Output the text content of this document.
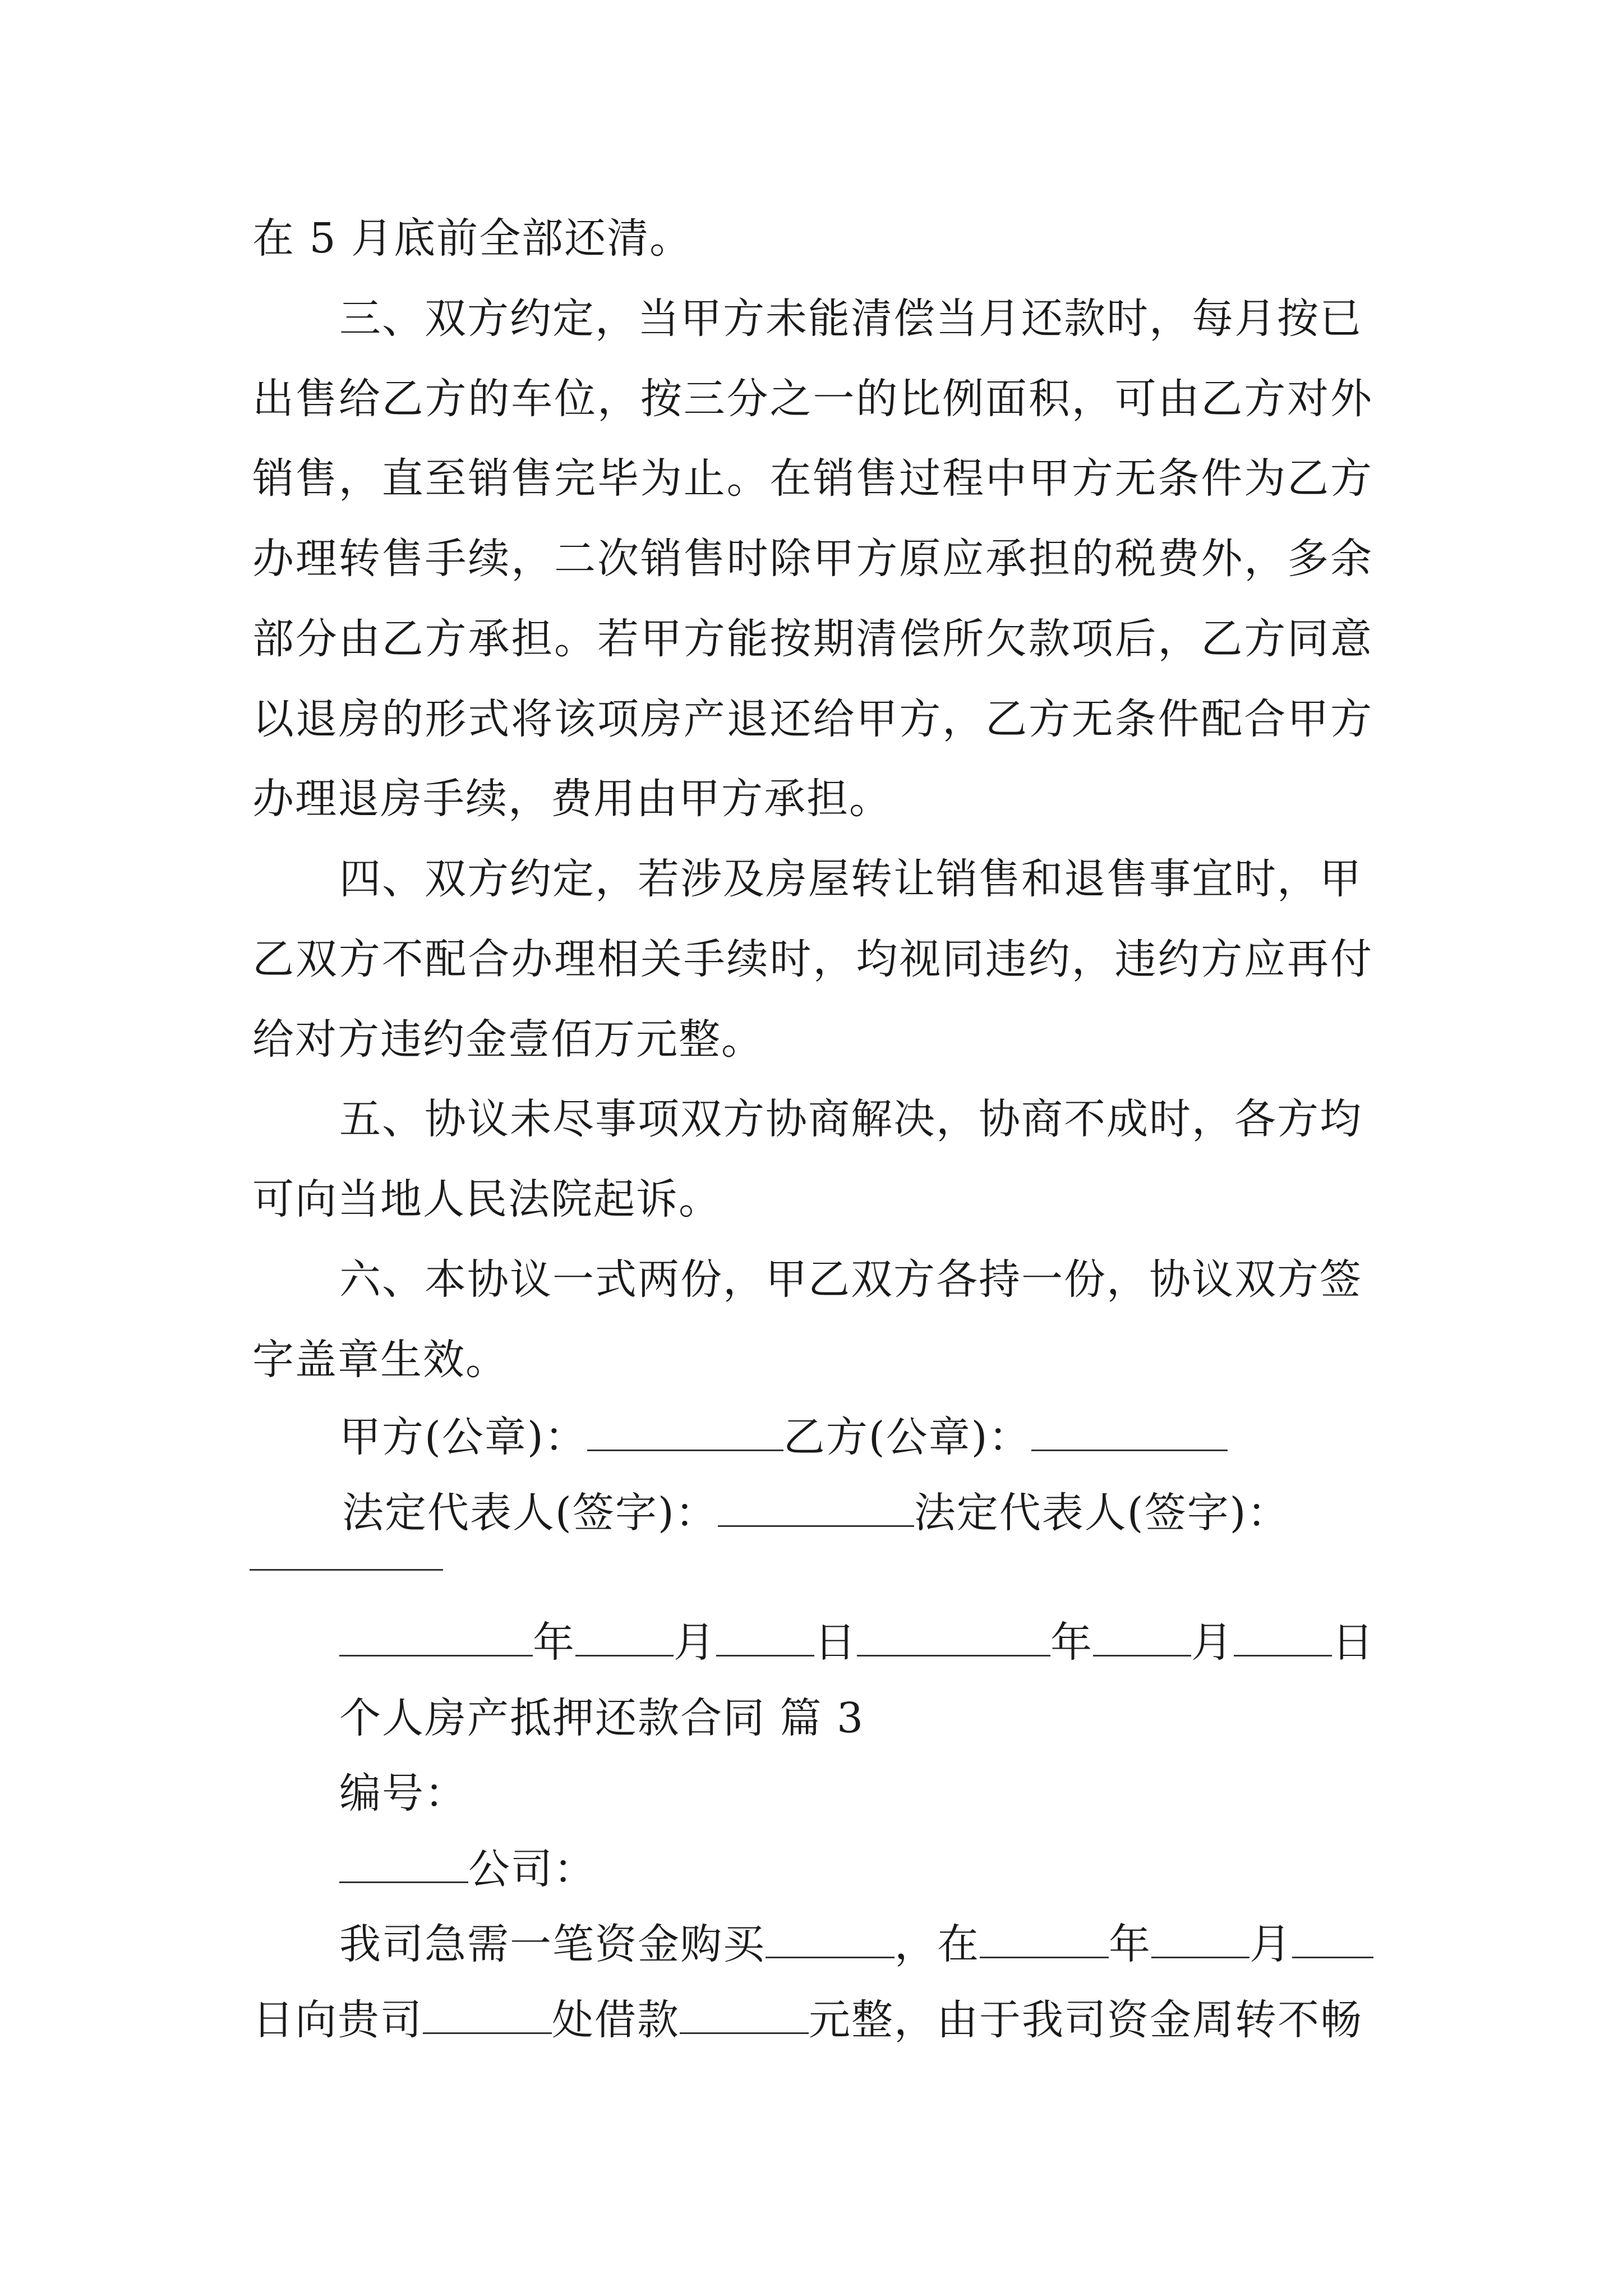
在 5 月底前全部还清。
三、双方约定，当甲方未能清偿当月还款时，每月按已
出售给乙方的车位，按三分之一的比例面积，可由乙方对外
销售，直至销售完毕为止。在销售过程中甲方无条件为乙方
办理转售手续，二次销售时除甲方原应承担的税费外，多余
部分由乙方承担。若甲方能按期清偿所欠款项后，乙方同意
以退房的形式将该项房产退还给甲方，乙方无条件配合甲方
办理退房手续，费用由甲方承担。
四、双方约定，若涉及房屋转让销售和退售事宜时，甲
乙双方不配合办理相关手续时，均视同违约，违约方应再付
给对方违约金壹佰万元整。
五、协议未尽事项双方协商解决，协商不成时，各方均
可向当地人民法院起诉。
六、本协议一式两份，甲乙双方各持一份，协议双方签
字盖章生效。
甲方(公章)：	乙方(公章)：
法定代表人(签字)：	法定代表人(签字)：
年 月 日	年 月 日
个人房产抵押还款合同 篇 3
编号：
公司：
我司急需一笔资金购买	，在	年 月
日向贵司	处借款	元整，由于我司资金周转不畅
